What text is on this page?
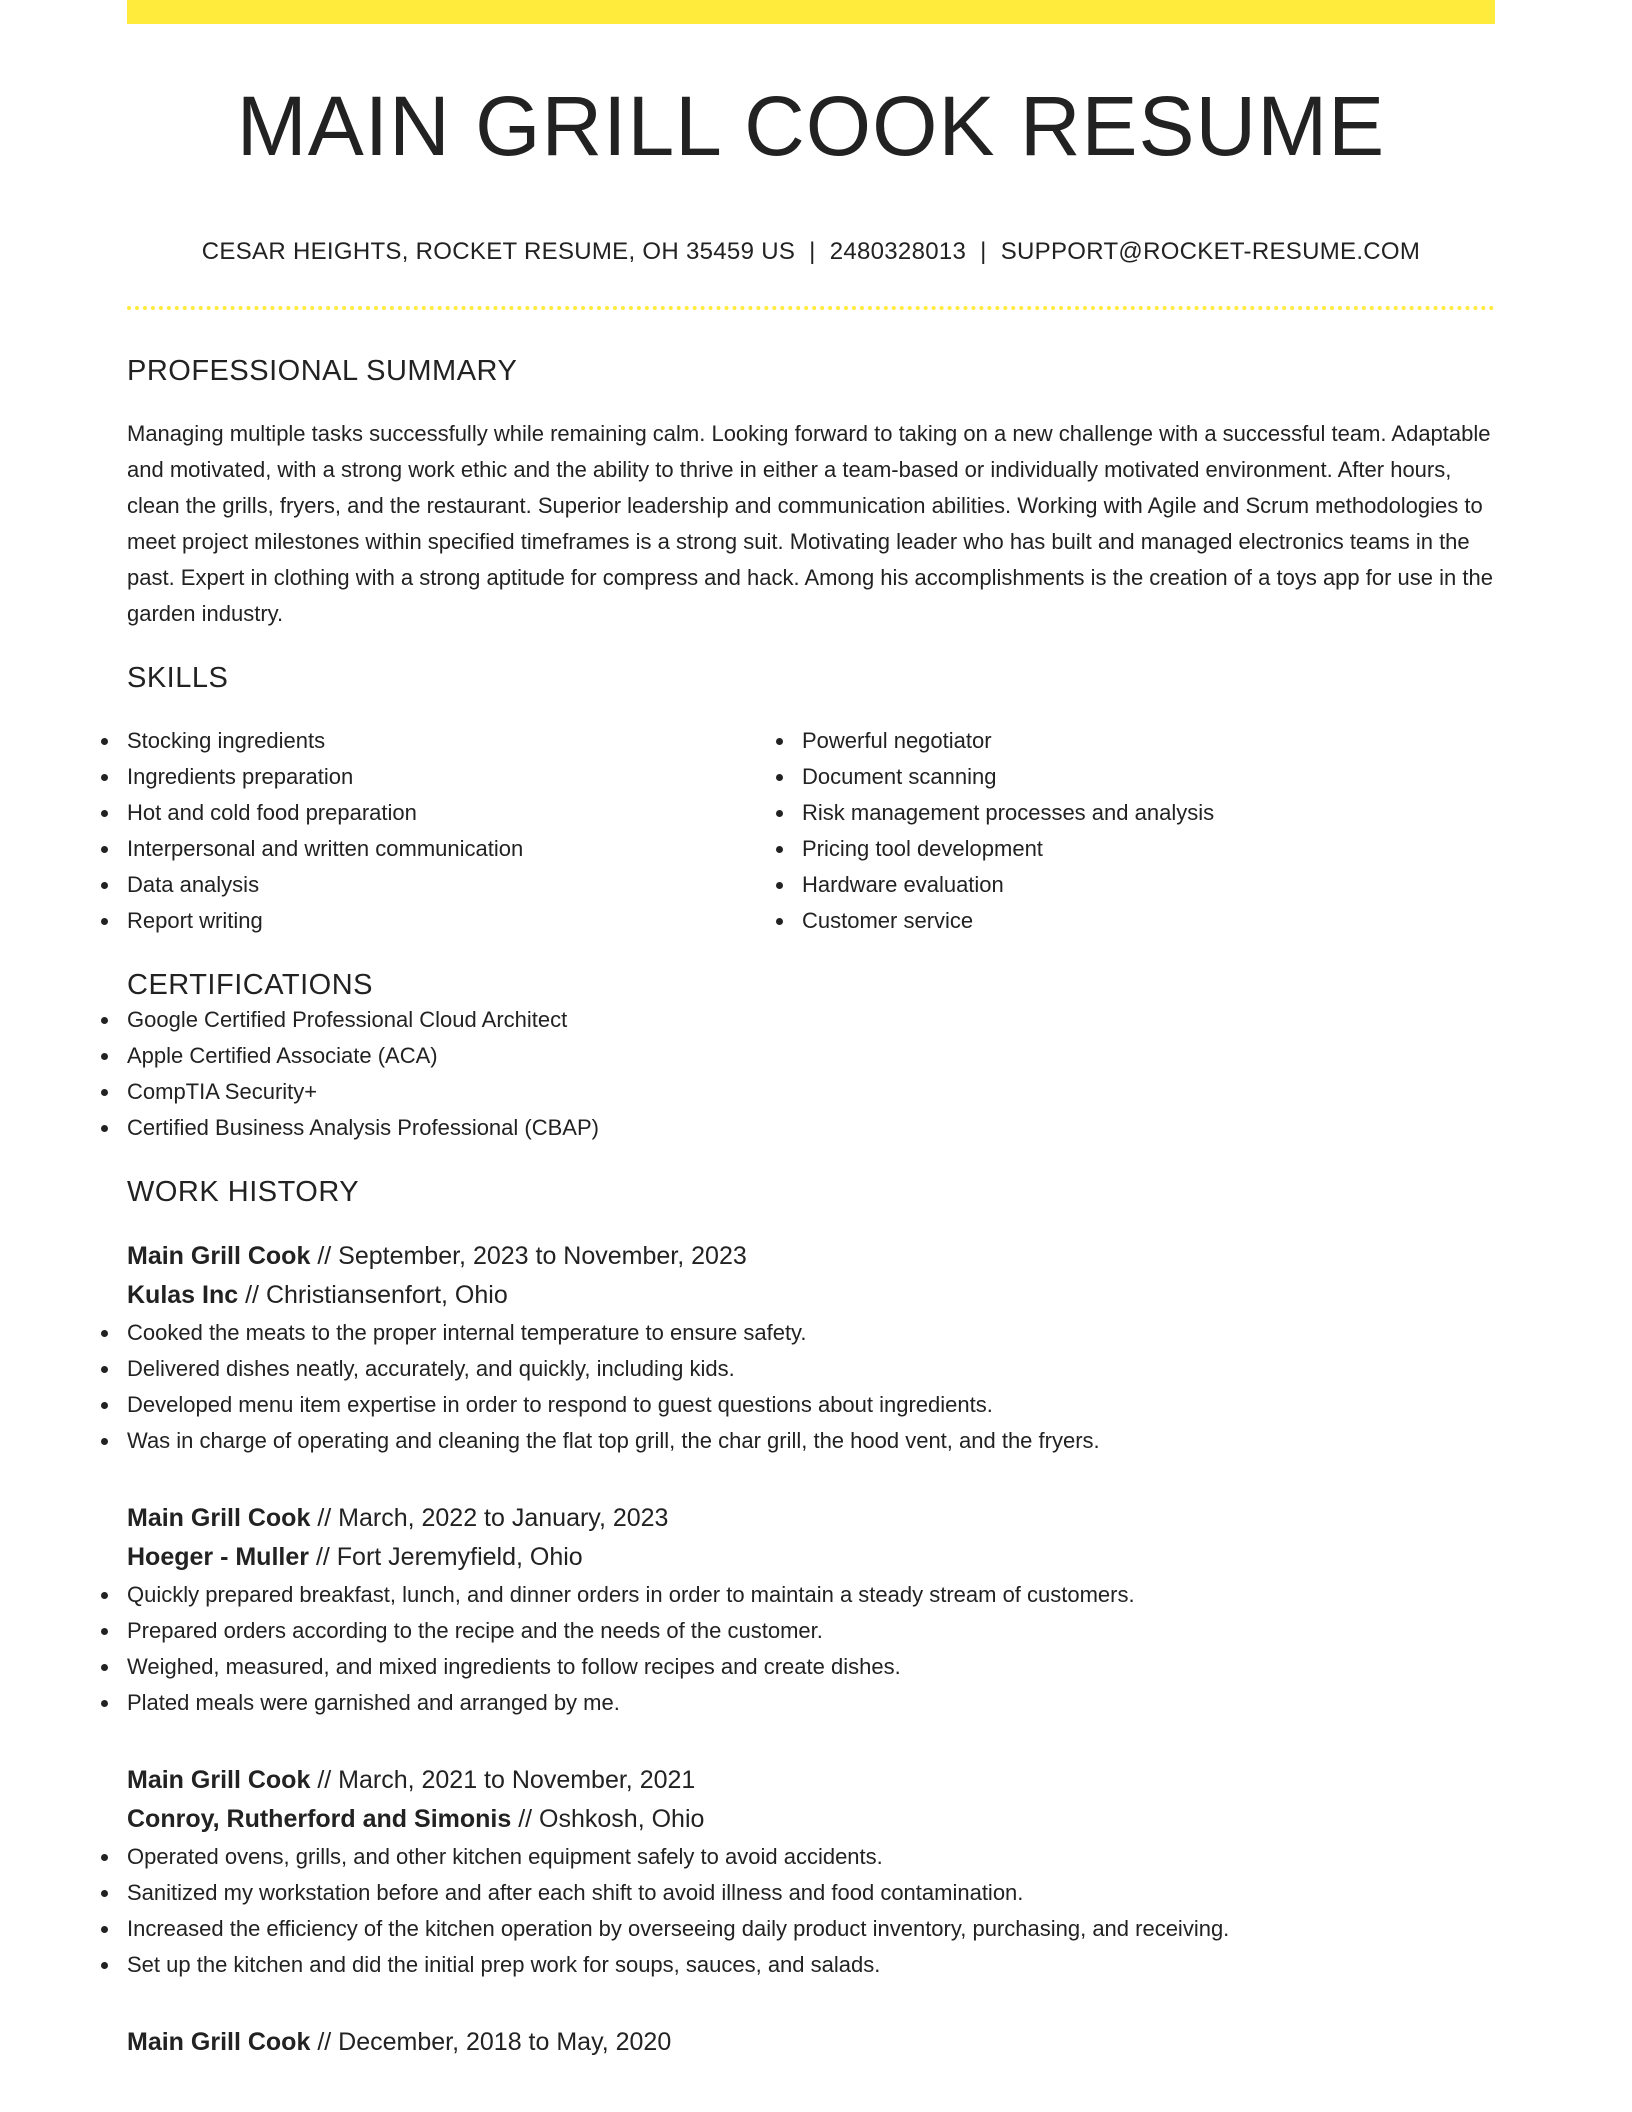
MAIN GRILL COOK RESUME
CESAR HEIGHTS, ROCKET RESUME, OH 35459 US | 2480328013 | SUPPORT@ROCKET-RESUME.COM
PROFESSIONAL SUMMARY

Managing multiple tasks successfully while remaining calm. Looking forward to taking on a new challenge with a successful team. Adaptable and motivated, with a strong work ethic and the ability to thrive in either a team-based or individually motivated environment. After hours, clean the grills, fryers, and the restaurant. Superior leadership and communication abilities. Working with Agile and Scrum methodologies to meet project milestones within specified timeframes is a strong suit. Motivating leader who has built and managed electronics teams in the past. Expert in clothing with a strong aptitude for compress and hack. Among his accomplishments is the creation of a toys app for use in the garden industry.

SKILLS
Stocking ingredients
Ingredients preparation
Hot and cold food preparation
Interpersonal and written communication
Data analysis
Report writing
Powerful negotiator
Document scanning
Risk management processes and analysis
Pricing tool development
Hardware evaluation
Customer service
CERTIFICATIONS
Google Certified Professional Cloud Architect
Apple Certified Associate (ACA)
CompTIA Security+
Certified Business Analysis Professional (CBAP)
WORK HISTORY
Main Grill Cook // September, 2023 to November, 2023
Kulas Inc // Christiansenfort, Ohio
Cooked the meats to the proper internal temperature to ensure safety.
Delivered dishes neatly, accurately, and quickly, including kids.
Developed menu item expertise in order to respond to guest questions about ingredients.
Was in charge of operating and cleaning the flat top grill, the char grill, the hood vent, and the fryers.
Main Grill Cook // March, 2022 to January, 2023
Hoeger - Muller // Fort Jeremyfield, Ohio
Quickly prepared breakfast, lunch, and dinner orders in order to maintain a steady stream of customers.
Prepared orders according to the recipe and the needs of the customer.
Weighed, measured, and mixed ingredients to follow recipes and create dishes.
Plated meals were garnished and arranged by me.
Main Grill Cook // March, 2021 to November, 2021
Conroy, Rutherford and Simonis // Oshkosh, Ohio
Operated ovens, grills, and other kitchen equipment safely to avoid accidents.
Sanitized my workstation before and after each shift to avoid illness and food contamination.
Increased the efficiency of the kitchen operation by overseeing daily product inventory, purchasing, and receiving.
Set up the kitchen and did the initial prep work for soups, sauces, and salads.
Main Grill Cook // December, 2018 to May, 2020
